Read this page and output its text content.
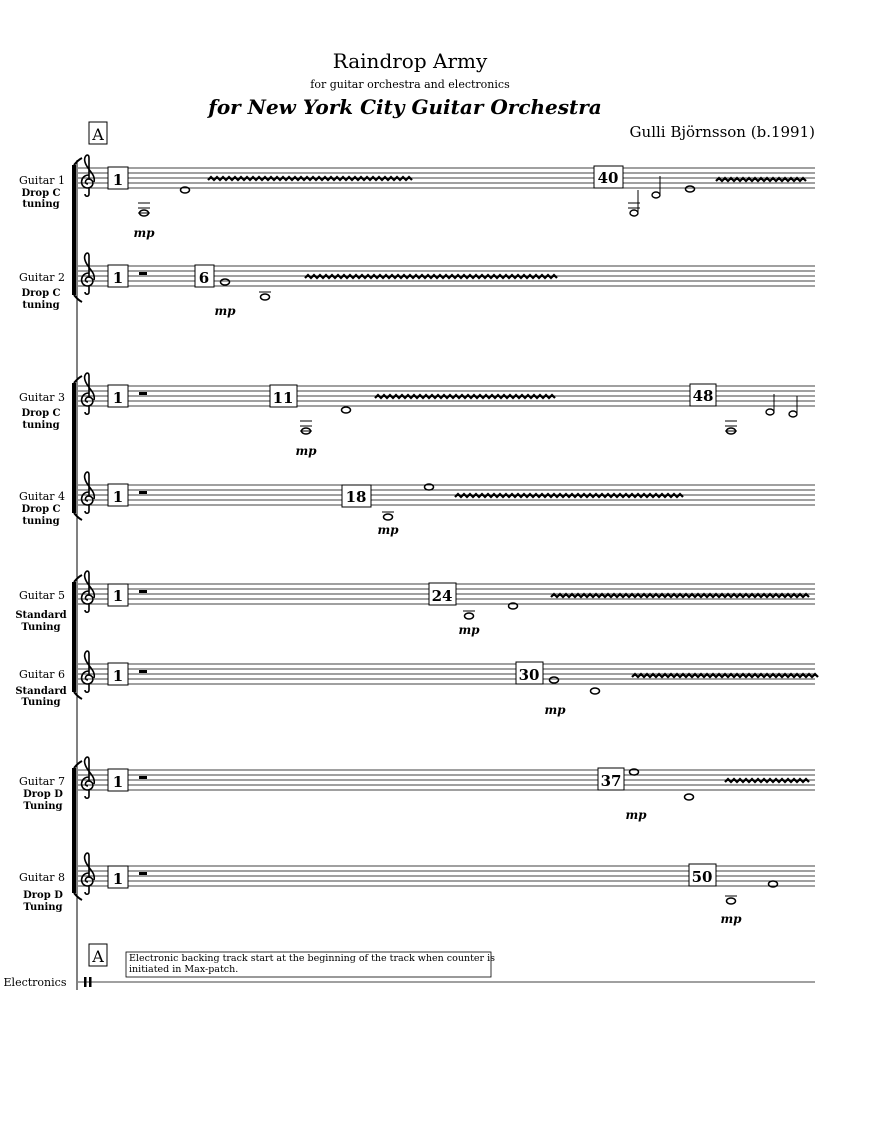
Raindrop Army
for guitar orchestra and electronics
for New York City Guitar Orchestra
Gulli Björnsson (b.1991)
A
Guitar 1
Drop C
tuning
1
mp
40
Guitar 2
Drop C
tuning
1	6
mp
Guitar 3
Drop C
tuning
1	11
mp
48
Guitar 4
Drop C
tuning
1	18
mp
Guitar 5
Standard
Tuning
1	24
mp
Guitar 6
Standard
Tuning
1	30
mp
Guitar 7
Drop D
Tuning
1	37
mp
Guitar 8
Drop D
Tuning
1	50
mp
A	Electronic backing track start at the beginning of the track when counter is
initiated in Max-patch.
Electronics
